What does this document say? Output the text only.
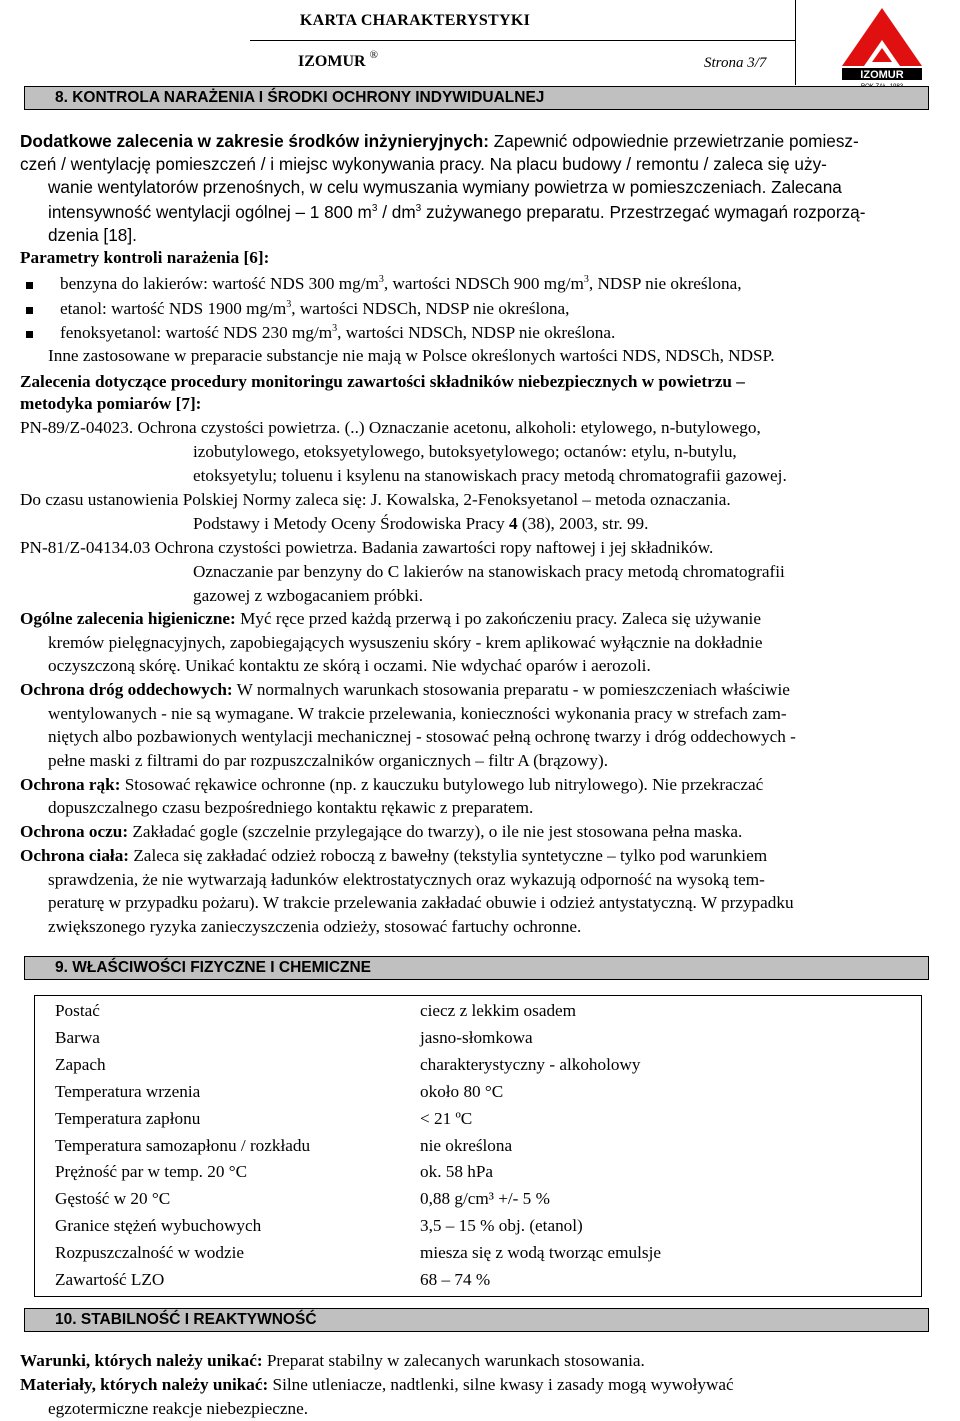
KARTA CHARAKTERYSTYKI
IZOMUR ®	Strona 3/7
IZOMUR
8. KONTROLA NARAŻENIA I ŚRODKI OCHRONY INDYWIDUALNEJ
Dodatkowe zalecenia w zakresie środków inżynieryjnych: Zapewnić odpowiednie przewietrzanie pomiesz-
czeń / wentylację pomieszczeń / i miejsc wykonywania pracy. Na placu budowy / remontu / zaleca się uży-
wanie wentylatorów przenośnych, w celu wymuszania wymiany powietrza w pomieszczeniach. Zalecana
intensywność wentylacji ogólnej – 1 800 $m^3 / dm^3$ zużywanego preparatu. Przestrzegać wymagań rozporzą-
dzenia [18].
Parametry kontroli narażenia [6]:
benzyna do lakierów: wartość NDS 300 $mg/m^3$, wartości NDSCh 900 $mg/m^3$, NDSP nie określona,
etanol: wartość NDS 1900 $mg/m^3$, wartości NDSCh, NDSP nie określona,
fenoksyetanol: wartość NDS 230 $mg/m^3$, wartości NDSCh, NDSP nie określona.
Inne zastosowane w preparacie substancje nie mają w Polsce określonych wartości NDS, NDSCh, NDSP.
Zalecenia dotyczące procedury monitoringu zawartości składników niebezpiecznych w powietrzu –
metodyka pomiarów [7]:
PN-89/Z-04023. Ochrona czystości powietrza. (..) Oznaczanie acetonu, alkoholi: etylowego, n-butylowego,
izobutylowego, etoksyetylowego, butoksyetylowego; octanów: etylu, n-butylu,
etoksyetylu; toluenu i ksylenu na stanowiskach pracy metodą chromatografii gazowej.
Do czasu ustanowienia Polskiej Normy zaleca się: J. Kowalska, 2-Fenoksyetanol – metoda oznaczania.
Podstawy i Metody Oceny Środowiska Pracy 4 (38), 2003, str. 99.
PN-81/Z-04134.03 Ochrona czystości powietrza. Badania zawartości ropy naftowej i jej składników.
Oznaczanie par benzyny do C lakierów na stanowiskach pracy metodą chromatografii
gazowej z wzbogacaniem próbki.
Ogólne zalecenia higieniczne: Myć ręce przed każdą przerwą i po zakończeniu pracy. Zaleca się używanie
kremów pielęgnacyjnych, zapobiegających wysuszeniu skóry - krem aplikować wyłącznie na dokładnie
oczyszczoną skórę. Unikać kontaktu ze skórą i oczami. Nie wdychać oparów i aerozoli.
Ochrona dróg oddechowych: W normalnych warunkach stosowania preparatu - w pomieszczeniach właściwie
wentylowanych - nie są wymagane. W trakcie przelewania, konieczności wykonania pracy w strefach zam-
niętych albo pozbawionych wentylacji mechanicznej - stosować pełną ochronę twarzy i dróg oddechowych -
pełne maski z filtrami do par rozpuszczalników organicznych – filtr A (brązowy).
Ochrona rąk: Stosować rękawice ochronne (np. z kauczuku butylowego lub nitrylowego). Nie przekraczać
dopuszczalnego czasu bezpośredniego kontaktu rękawic z preparatem.
Ochrona oczu: Zakładać gogle (szczelnie przylegające do twarzy), o ile nie jest stosowana pełna maska.
Ochrona ciała: Zaleca się zakładać odzież roboczą z bawełny (tekstylia syntetyczne – tylko pod warunkiem
sprawdzenia, że nie wytwarzają ładunków elektrostatycznych oraz wykazują odporność na wysoką tem-
peraturę w przypadku pożaru). W trakcie przelewania zakładać obuwie i odzież antystatyczną. W przypadku
zwiększonego ryzyka zanieczyszczenia odzieży, stosować fartuchy ochronne.
9. WŁAŚCIWOŚCI FIZYCZNE I CHEMICZNE
Postać	ciecz z lekkim osadem
Barwa	jasno-słomkowa
Zapach	charakterystyczny - alkoholowy
Temperatura wrzenia	około 80 °C
Temperatura zapłonu	< 21 ºC
Temperatura samozapłonu / rozkładu	nie określona
Prężność par w temp. 20 °C	ok. 58 hPa
Gęstość w 20 °C	0,88 g/cm³ +/- 5 %
Granice stężeń wybuchowych	3,5 – 15 % obj. (etanol)
Rozpuszczalność w wodzie	miesza się z wodą tworząc emulsje
Zawartość LZO	68 – 74 %
10. STABILNOŚĆ I REAKTYWNOŚĆ
Warunki, których należy unikać: Preparat stabilny w zalecanych warunkach stosowania.
Materiały, których należy unikać: Silne utleniacze, nadtlenki, silne kwasy i zasady mogą wywoływać
egzotermiczne reakcje niebezpieczne.
